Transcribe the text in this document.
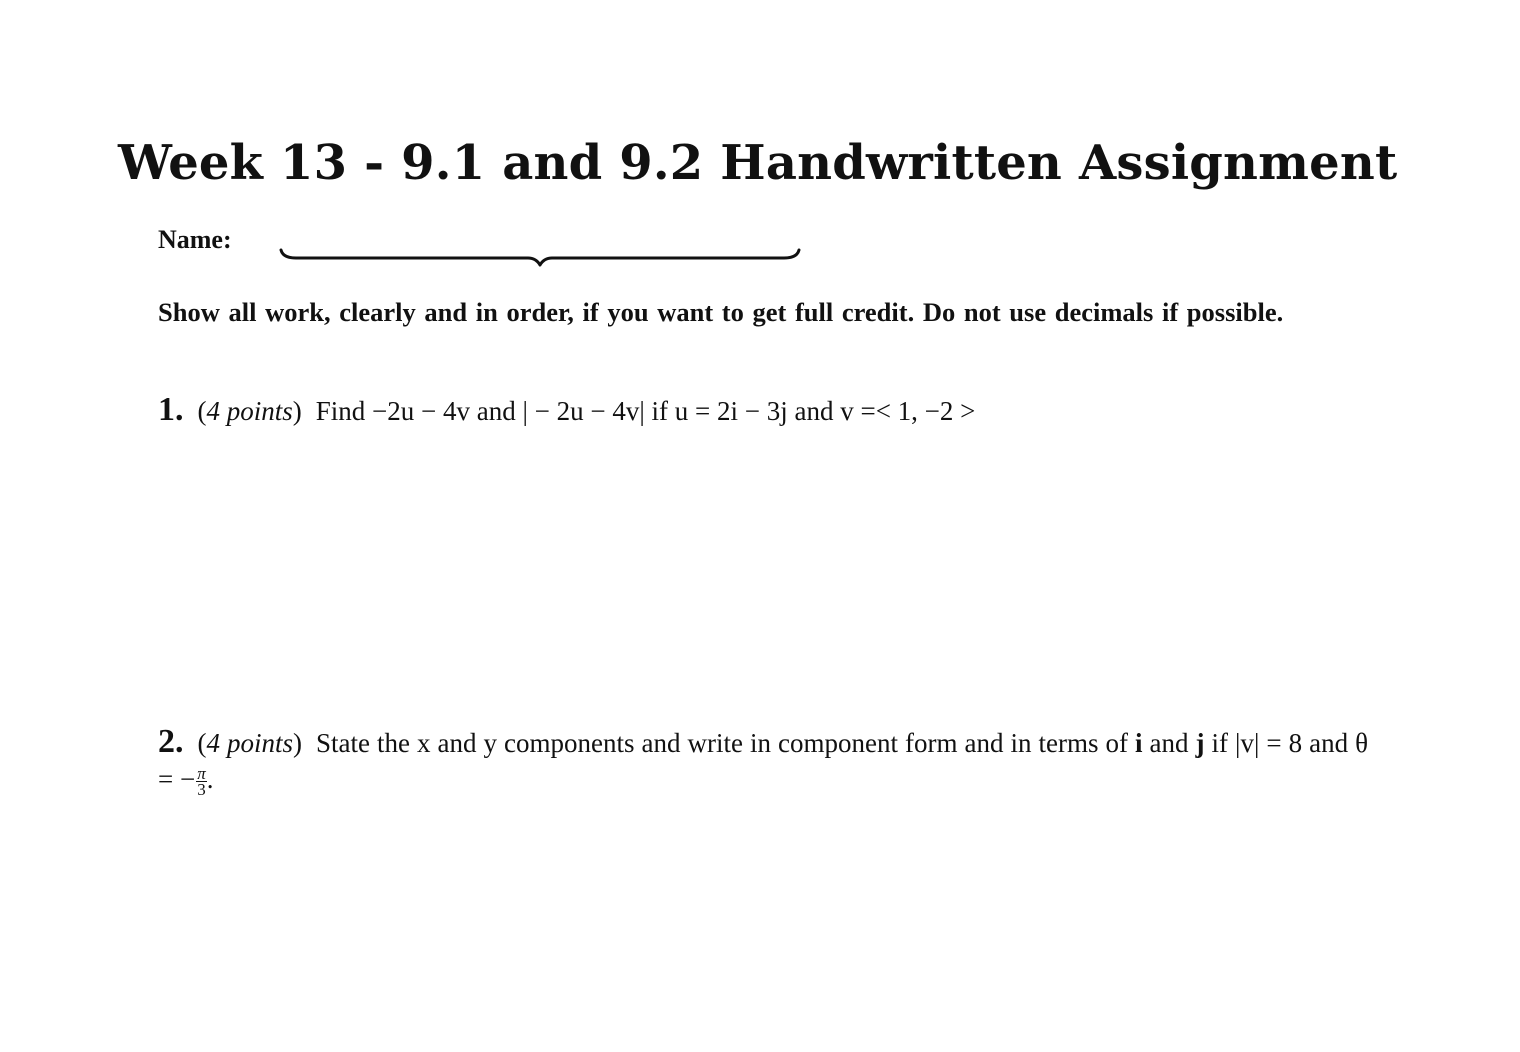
Week 13 - 9.1 and 9.2 Handwritten Assignment
Name:

Show all work, clearly and in order, if you want to get full credit. Do not use decimals if possible.

1. (4 points) Find −2u − 4v and | − 2u − 4v| if u = 2i − 3j and v =< 1, −2 >
2. (4 points) State the x and y components and write in component form and in terms of i and j if |v| = 8 and θ = − $\frac{\pi}{3}$ .
